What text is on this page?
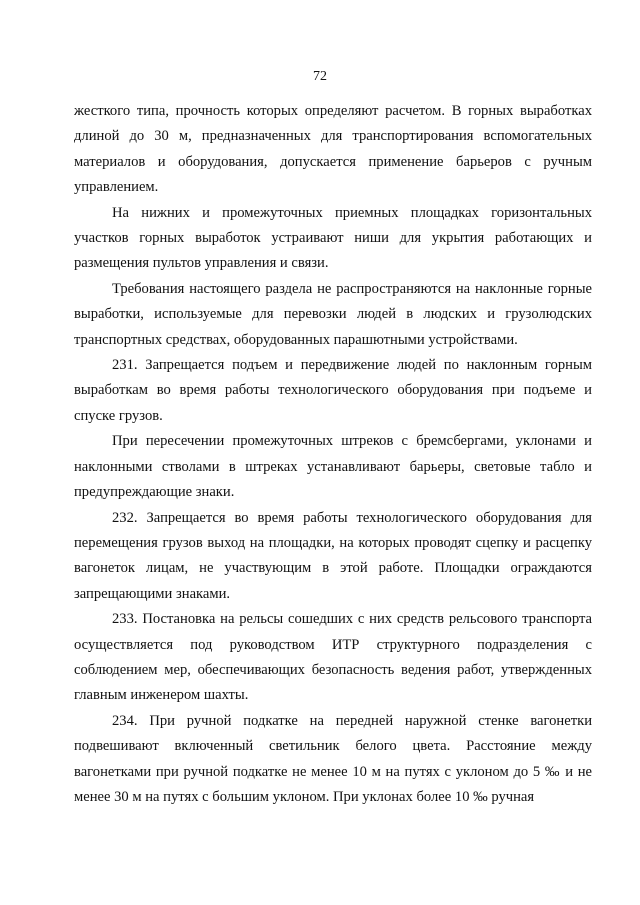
72

жесткого типа, прочность которых определяют расчетом. В горных выработках длиной до 30 м, предназначенных для транспортирования вспомогательных материалов и оборудования, допускается применение барьеров с ручным управлением.

На нижних и промежуточных приемных площадках горизонтальных участков горных выработок устраивают ниши для укрытия работающих и размещения пультов управления и связи.

Требования настоящего раздела не распространяются на наклонные горные выработки, используемые для перевозки людей в людских и грузолюдских транспортных средствах, оборудованных парашютными устройствами.

231. Запрещается подъем и передвижение людей по наклонным горным выработкам во время работы технологического оборудования при подъеме и спуске грузов.

При пересечении промежуточных штреков с бремсбергами, уклонами и наклонными стволами в штреках устанавливают барьеры, световые табло и предупреждающие знаки.

232. Запрещается во время работы технологического оборудования для перемещения грузов выход на площадки, на которых проводят сцепку и расцепку вагонеток лицам, не участвующим в этой работе. Площадки ограждаются запрещающими знаками.

233. Постановка на рельсы сошедших с них средств рельсового транспорта осуществляется под руководством ИТР структурного подразделения с соблюдением мер, обеспечивающих безопасность ведения работ, утвержденных главным инженером шахты.

234. При ручной подкатке на передней наружной стенке вагонетки подвешивают включенный светильник белого цвета. Расстояние между вагонетками при ручной подкатке не менее 10 м на путях с уклоном до 5 ‰ и не менее 30 м на путях с большим уклоном. При уклонах более 10 ‰ ручная
